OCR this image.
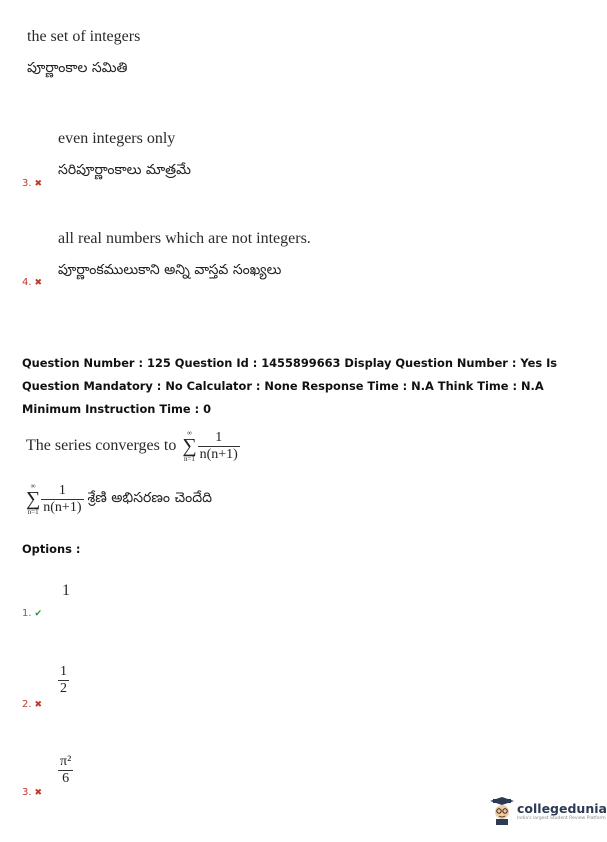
the set of integers
పూర్ణాంకాల సమితి
even integers only
సరిపూర్ణాంకాలు మాత్రమే
3. ✖
all real numbers which are not integers.
పూర్ణాంకములుకాని అన్ని వాస్తవ సంఖ్యలు
4. ✖
Question Number : 125 Question Id : 1455899663 Display Question Number : Yes Is Question Mandatory : No Calculator : None Response Time : N.A Think Time : N.A Minimum Instruction Time : 0
The series converges to
∞
∑
$n=1 \frac{1}{n(n+1)}$
∞
∑
$n=1 \frac{1}{n(n+1)}$ శ్రేణి అభిసరణం చెందేది
Options :
1
1. ✔
$\frac{1}{2}$
2. ✖
$\frac{\text{π²}}{6}$
3. ✖
collegedunia
India's largest Student Review Platform
